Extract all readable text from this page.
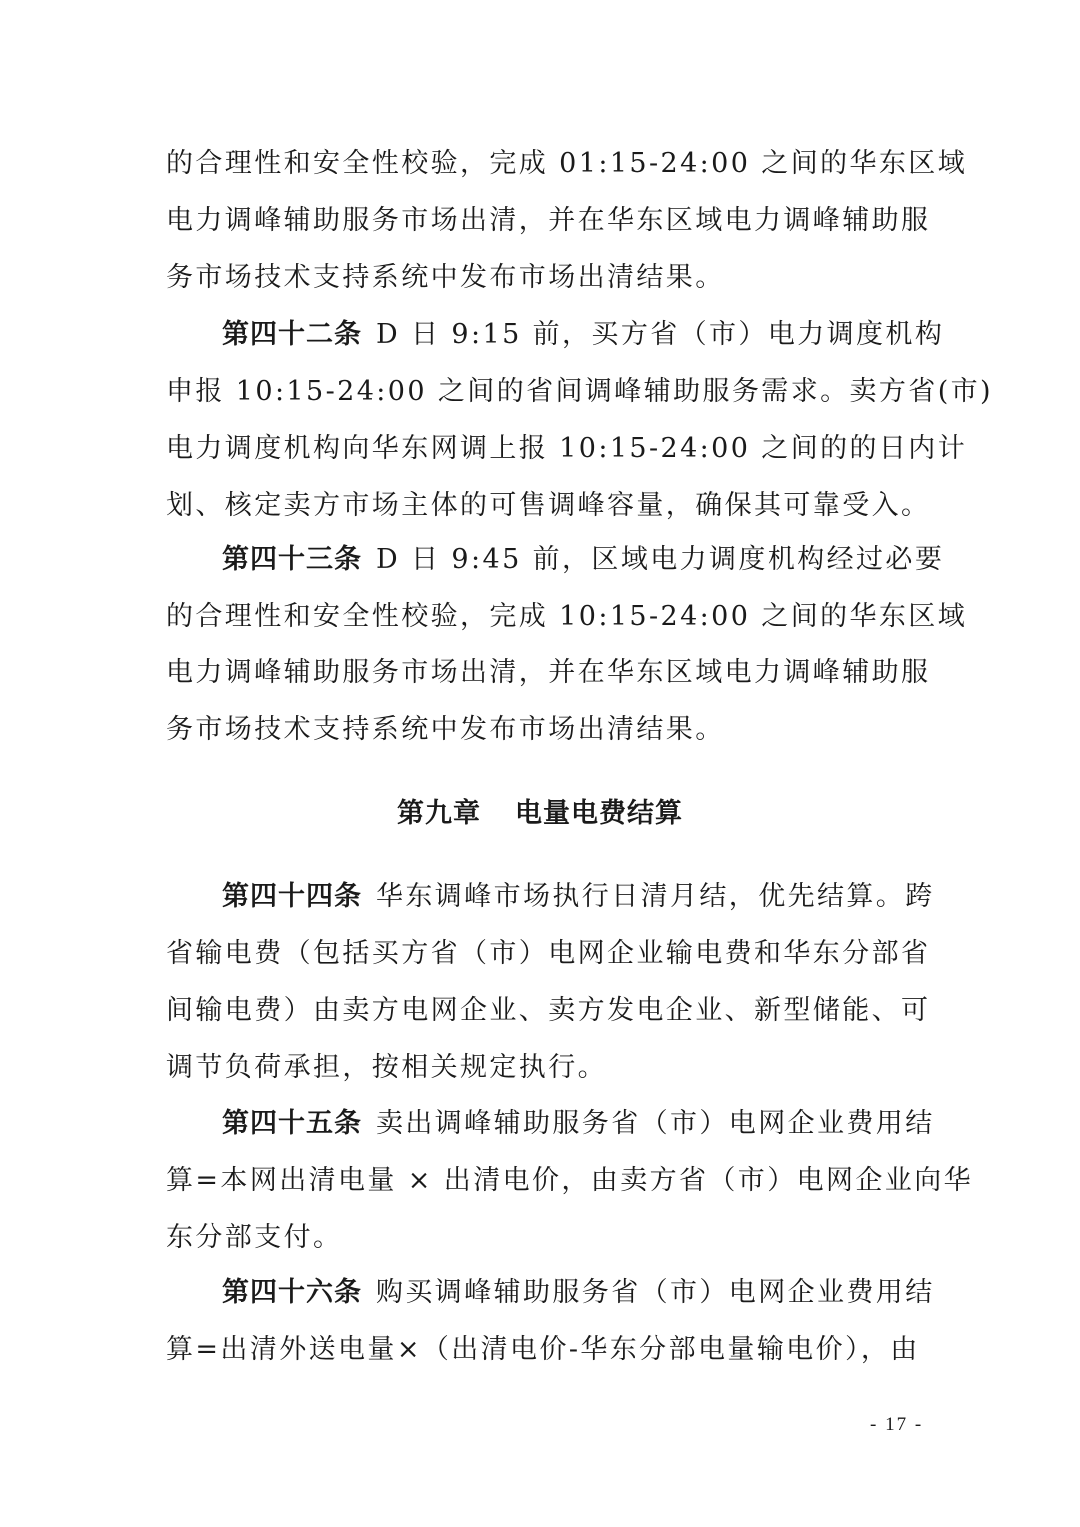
的合理性和安全性校验，完成 01:15-24:00 之间的华东区域
电力调峰辅助服务市场出清，并在华东区域电力调峰辅助服
务市场技术支持系统中发布市场出清结果。
第四十二条 D 日 9:15 前，买方省（市）电力调度机构
申报 10:15-24:00 之间的省间调峰辅助服务需求。卖方省(市)
电力调度机构向华东网调上报 10:15-24:00 之间的的日内计
划、核定卖方市场主体的可售调峰容量，确保其可靠受入。
第四十三条 D 日 9:45 前，区域电力调度机构经过必要
的合理性和安全性校验，完成 10:15-24:00 之间的华东区域
电力调峰辅助服务市场出清，并在华东区域电力调峰辅助服
务市场技术支持系统中发布市场出清结果。
第九章 电量电费结算
第四十四条 华东调峰市场执行日清月结，优先结算。跨
省输电费（包括买方省（市）电网企业输电费和华东分部省
间输电费）由卖方电网企业、卖方发电企业、新型储能、可
调节负荷承担，按相关规定执行。
第四十五条 卖出调峰辅助服务省（市）电网企业费用结
算=本网出清电量 × 出清电价，由卖方省（市）电网企业向华
东分部支付。
第四十六条 购买调峰辅助服务省（市）电网企业费用结
算=出清外送电量×（出清电价-华东分部电量输电价），由
- 17 -
